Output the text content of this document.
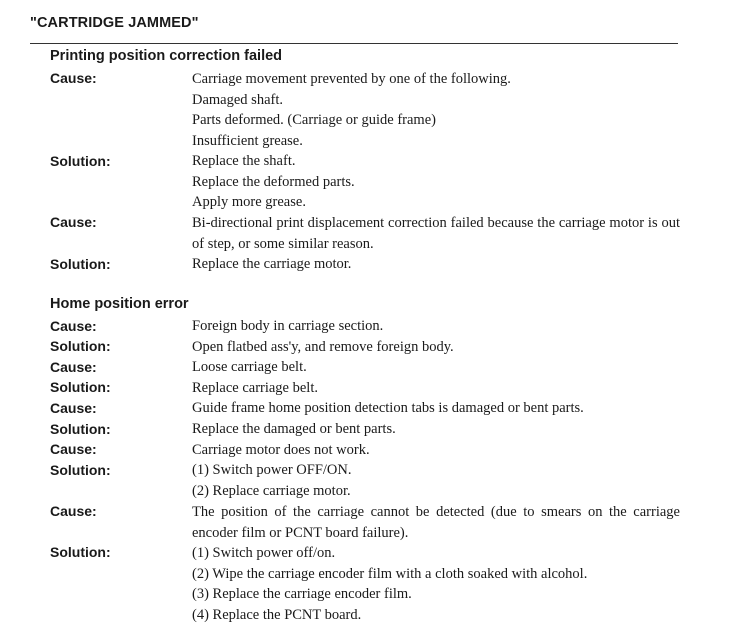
"CARTRIDGE JAMMED"
Printing position correction failed
Cause:	Carriage movement prevented by one of the following.
Damaged shaft.
Parts deformed. (Carriage or guide frame)
Insufficient grease.
Solution:	Replace the shaft.
Replace the deformed parts.
Apply more grease.
Cause:	Bi-directional print displacement correction failed because the carriage motor is out of step, or some similar reason.
Solution:	Replace the carriage motor.
Home position error
Cause:	Foreign body in carriage section.
Solution:	Open flatbed ass'y, and remove foreign body.
Cause:	Loose carriage belt.
Solution:	Replace carriage belt.
Cause:	Guide frame home position detection tabs is damaged or bent parts.
Solution:	Replace the damaged or bent parts.
Cause:	Carriage motor does not work.
Solution:	(1) Switch power OFF/ON.
(2) Replace carriage motor.
Cause:	The position of the carriage cannot be detected (due to smears on the carriage encoder film or PCNT board failure).
Solution:	(1) Switch power off/on.
(2) Wipe the carriage encoder film with a cloth soaked with alcohol.
(3) Replace the carriage encoder film.
(4) Replace the PCNT board.
